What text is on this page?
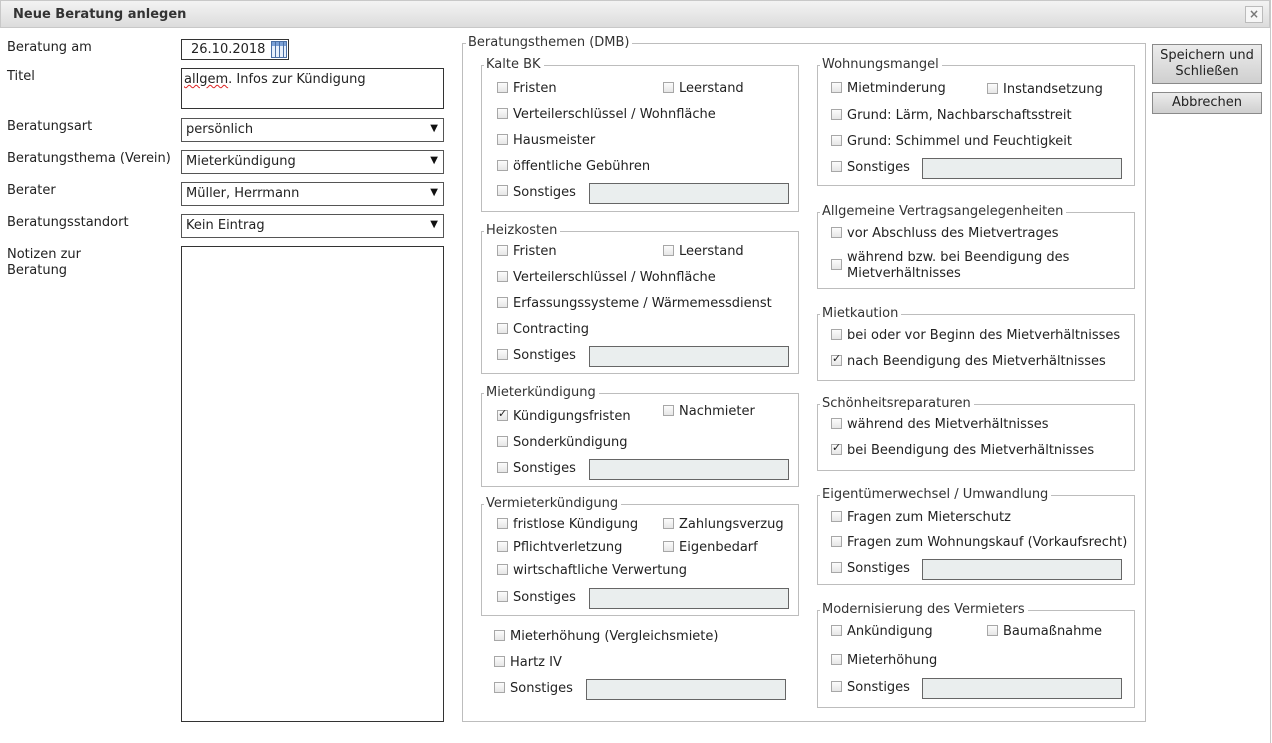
Neue Beratung anlegen	×
Beratung am	26.10.2018
Titel	allgem. Infos zur Kündigung
Beratungsart	persönlich	▼
Beratungsthema (Verein)	Mieterkündigung	▼
Berater	Müller, Herrmann	▼
Beratungsstandort	Kein Eintrag	▼
Notizen zur
Beratung
Speichern und Schließen
Abbrechen
Beratungsthemen (DMB)
Kalte BK
Fristen	Leerstand
Verteilerschlüssel / Wohnfläche
Hausmeister
öffentliche Gebühren
Sonstiges
Heizkosten
Fristen	Leerstand
Verteilerschlüssel / Wohnfläche
Erfassungssysteme / Wärmemessdienst
Contracting
Sonstiges
Mieterkündigung
✓
Kündigungsfristen	Nachmieter
Sonderkündigung
Sonstiges
Vermieterkündigung
fristlose Kündigung	Zahlungsverzug
Pflichtverletzung	Eigenbedarf
wirtschaftliche Verwertung
Sonstiges
Mieterhöhung (Vergleichsmiete)
Hartz IV
Sonstiges
Wohnungsmangel
Mietminderung	Instandsetzung
Grund: Lärm, Nachbarschaftsstreit
Grund: Schimmel und Feuchtigkeit
Sonstiges
Allgemeine Vertragsangelegenheiten
vor Abschluss des Mietvertrages
während bzw. bei Beendigung des
Mietverhältnisses
Mietkaution
bei oder vor Beginn des Mietverhältnisses
✓
nach Beendigung des Mietverhältnisses
Schönheitsreparaturen
während des Mietverhältnisses
✓
bei Beendigung des Mietverhältnisses
Eigentümerwechsel / Umwandlung
Fragen zum Mieterschutz
Fragen zum Wohnungskauf (Vorkaufsrecht)
Sonstiges
Modernisierung des Vermieters
Ankündigung	Baumaßnahme
Mieterhöhung
Sonstiges
